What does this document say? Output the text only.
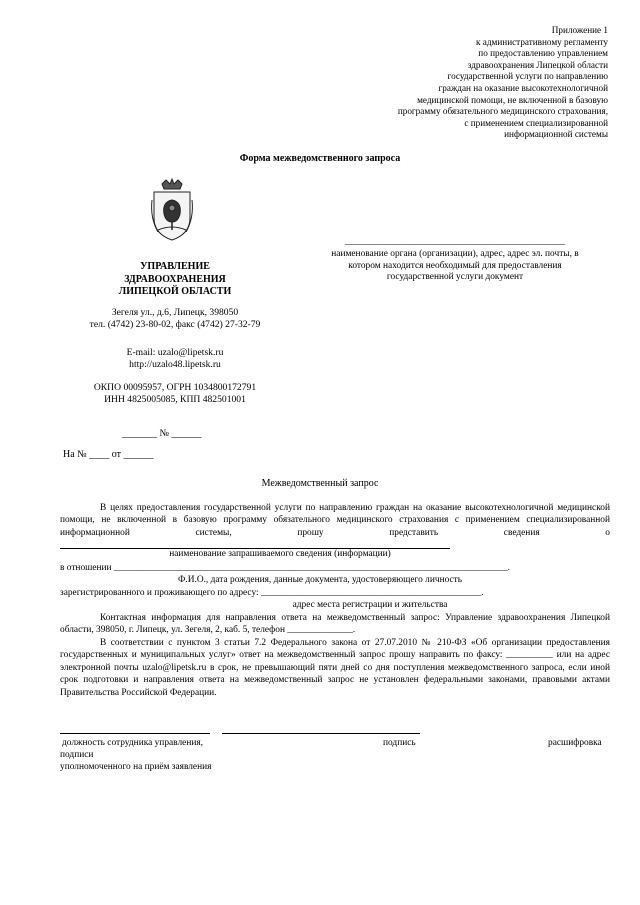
Приложение 1
к административному регламенту
по предоставлению управлением
здравоохранения Липецкой области
государственной услуги по направлению
граждан на оказание высокотехнологичной
медицинской помощи, не включенной в базовую
программу обязательного медицинского страхования,
с применением специализированной
информационной системы
Форма межведомственного запроса
УПРАВЛЕНИЕ
ЗДРАВООХРАНЕНИЯ
ЛИПЕЦКОЙ ОБЛАСТИ
Зегеля ул., д.6, Липецк, 398050
тел. (4742) 23-80-02, факс (4742) 27-32-79
E-mail: uzalo@lipetsk.ru
http://uzalo48.lipetsk.ru
ОКПО 00095957, ОГРН 1034800172791
ИНН 4825005085, КПП 482501001
_______ № ______
На № ____ от ______
_______________________________________________
наименование органа (организации), адрес, адрес эл. почты, в
котором находится необходимый для предоставления
государственной услуги документ
Межведомственный запрос

В целях предоставления государственной услуги по направлению граждан на оказание высокотехнологичной медицинской помощи, не включенной в базовую программу обязательного медицинского страхования с применением специализированной информационной системы, прошу представить сведения о

наименование запрашиваемого сведения (информации)
в отношении ____________________________________________________________________________________.
Ф.И.О., дата рождения, данные документа, удостоверяющего личность
зарегистрированного и проживающего по адресу: _______________________________________________.
адрес места регистрации и жительства

Контактная информация для направления ответа на межведомственный запрос: Управление здравоохранения Липецкой области, 398050, г. Липецк, ул. Зегеля, 2, каб. 5, телефон ______________.

В соответствии с пунктом 3 статьи 7.2 Федерального закона от 27.07.2010 № 210-ФЗ «Об организации предоставления государственных и муниципальных услуг» ответ на межведомственный запрос прошу направить по факсу: __________ или на адрес электронной почты uzalo@lipetsk.ru в срок, не превышающий пяти дней со дня поступления межведомственного запроса, если иной срок подготовки и направления ответа на межведомственный запрос не установлен федеральными законами, правовыми актами Правительства Российской Федерации.

должность сотрудника управления,	подпись	расшифровка
подписи
уполномоченного на приём заявления
